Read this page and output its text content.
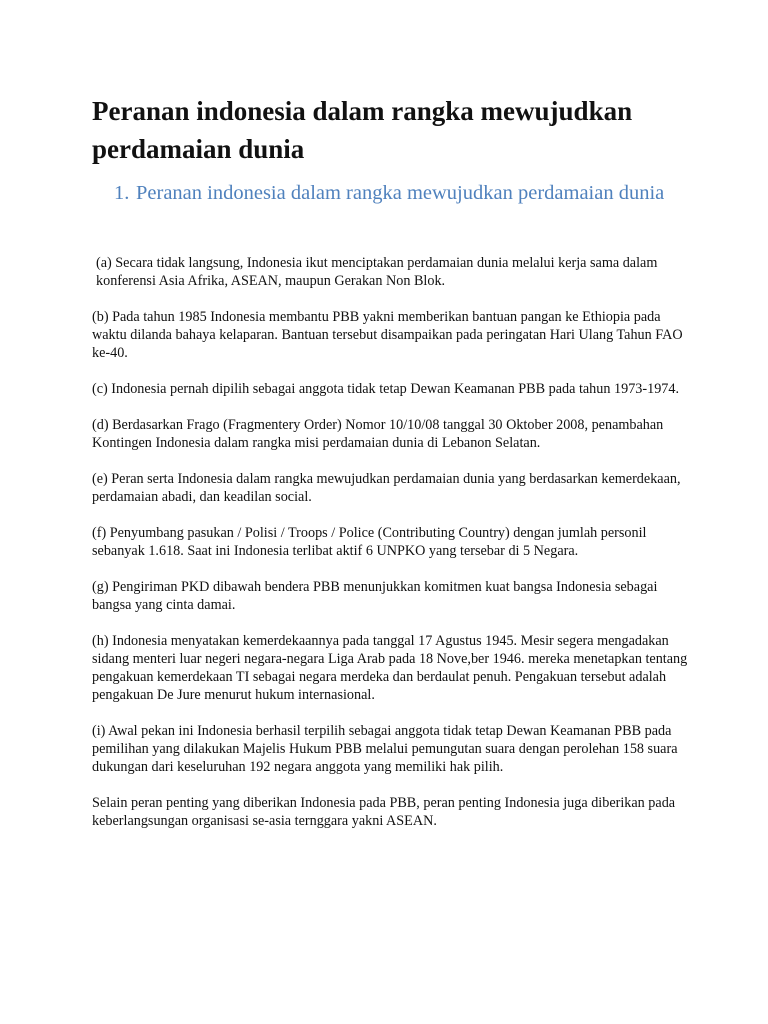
Peranan indonesia dalam rangka mewujudkan perdamaian dunia
1. Peranan indonesia dalam rangka mewujudkan perdamaian dunia

(a) Secara tidak langsung, Indonesia ikut menciptakan perdamaian dunia melalui kerja sama dalam konferensi Asia Afrika, ASEAN, maupun Gerakan Non Blok.

(b) Pada tahun 1985 Indonesia membantu PBB yakni memberikan bantuan pangan ke Ethiopia pada waktu dilanda bahaya kelaparan. Bantuan tersebut disampaikan pada peringatan Hari Ulang Tahun FAO ke-40.

(c) Indonesia pernah dipilih sebagai anggota tidak tetap Dewan Keamanan PBB pada tahun 1973-1974.

(d) Berdasarkan Frago (Fragmentery Order) Nomor 10/10/08 tanggal 30 Oktober 2008, penambahan Kontingen Indonesia dalam rangka misi perdamaian dunia di Lebanon Selatan.

(e) Peran serta Indonesia dalam rangka mewujudkan perdamaian dunia yang berdasarkan kemerdekaan, perdamaian abadi, dan keadilan social.

(f) Penyumbang pasukan / Polisi / Troops / Police (Contributing Country) dengan jumlah personil sebanyak 1.618. Saat ini Indonesia terlibat aktif 6 UNPKO yang tersebar di 5 Negara.

(g) Pengiriman PKD dibawah bendera PBB menunjukkan komitmen kuat bangsa Indonesia sebagai bangsa yang cinta damai.

(h) Indonesia menyatakan kemerdekaannya pada tanggal 17 Agustus 1945. Mesir segera mengadakan sidang menteri luar negeri negara-negara Liga Arab pada 18 Nove,ber 1946. mereka menetapkan tentang pengakuan kemerdekaan TI sebagai negara merdeka dan berdaulat penuh. Pengakuan tersebut adalah pengakuan De Jure menurut hukum internasional.

(i) Awal pekan ini Indonesia berhasil terpilih sebagai anggota tidak tetap Dewan Keamanan PBB pada pemilihan yang dilakukan Majelis Hukum PBB melalui pemungutan suara dengan perolehan 158 suara dukungan dari keseluruhan 192 negara anggota yang memiliki hak pilih.

Selain peran penting yang diberikan Indonesia pada PBB, peran penting Indonesia juga diberikan pada keberlangsungan organisasi se-asia ternggara yakni ASEAN.
